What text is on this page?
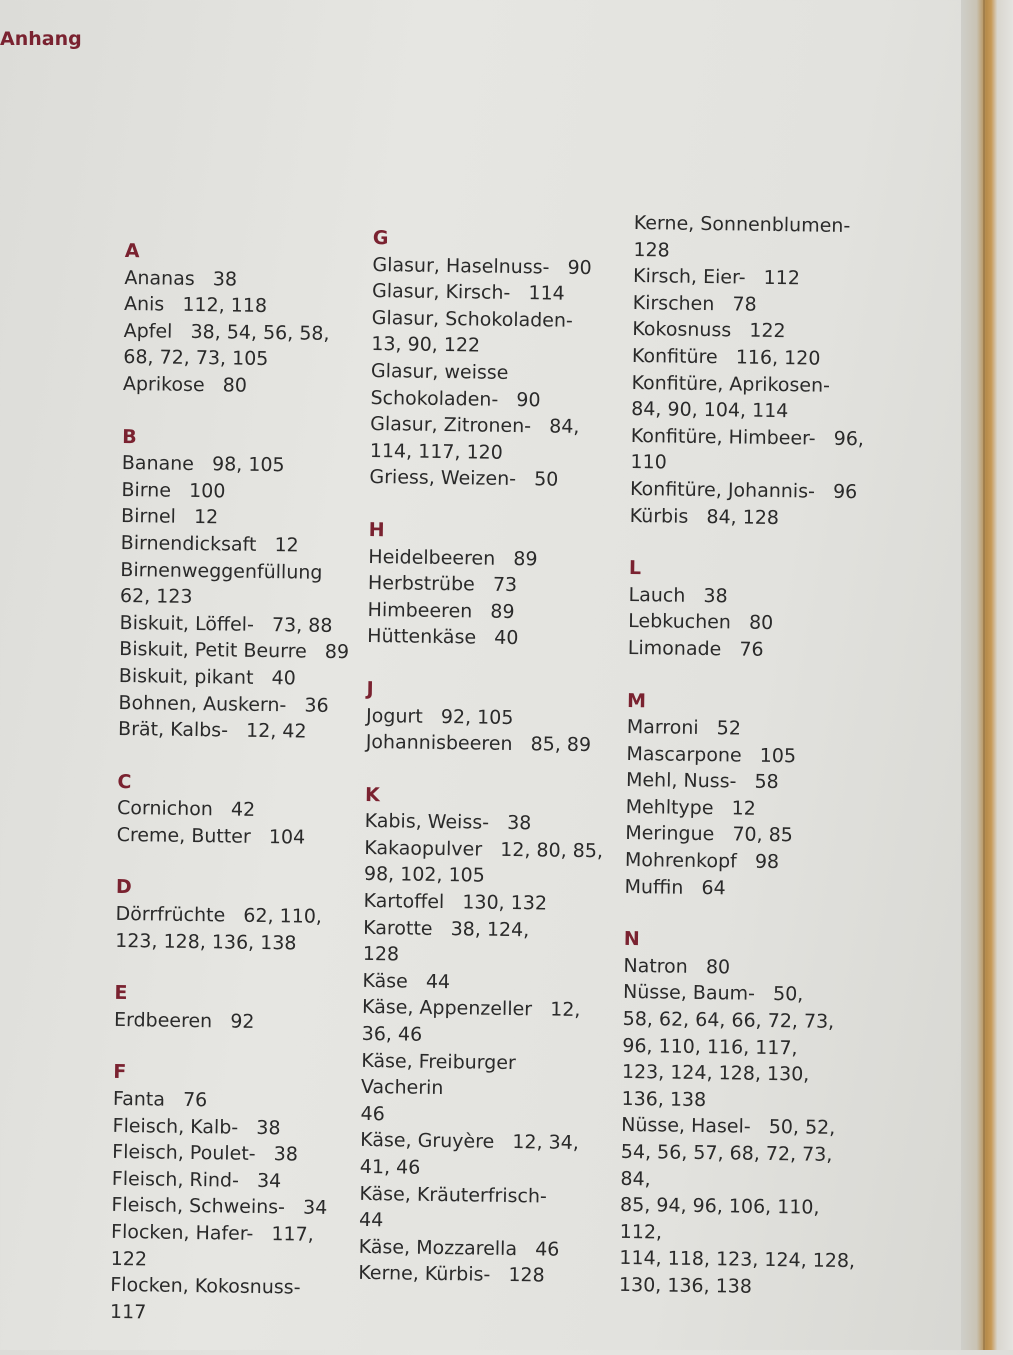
Anhang
A
Ananas   38
Anis   112, 118
Apfel   38, 54, 56, 58,
68, 72, 73, 105
Aprikose   80
B
Banane   98, 105
Birne   100
Birnel   12
Birnendicksaft   12
Birnenweggenfüllung
62, 123
Biskuit, Löffel-   73, 88
Biskuit, Petit Beurre   89
Biskuit, pikant   40
Bohnen, Auskern-   36
Brät, Kalbs-   12, 42
C
Cornichon   42
Creme, Butter   104
D
Dörrfrüchte   62, 110,
123, 128, 136, 138
E
Erdbeeren   92
F
Fanta   76
Fleisch, Kalb-   38
Fleisch, Poulet-   38
Fleisch, Rind-   34
Fleisch, Schweins-   34
Flocken, Hafer-   117, 122
Flocken, Kokosnuss-   117
G
Glasur, Haselnuss-   90
Glasur, Kirsch-   114
Glasur, Schokoladen-
13, 90, 122
Glasur, weisse
Schokoladen-   90
Glasur, Zitronen-   84,
114, 117, 120
Griess, Weizen-   50
H
Heidelbeeren   89
Herbstrübe   73
Himbeeren   89
Hüttenkäse   40
J
Jogurt   92, 105
Johannisbeeren   85, 89
K
Kabis, Weiss-   38
Kakaopulver   12, 80, 85,
98, 102, 105
Kartoffel   130, 132
Karotte   38, 124,
128
Käse   44
Käse, Appenzeller   12,
36, 46
Käse, Freiburger Vacherin
46
Käse, Gruyère   12, 34,
41, 46
Käse, Kräuterfrisch-
44
Käse, Mozzarella   46
Kerne, Kürbis-   128
Kerne, Sonnenblumen-
128
Kirsch, Eier-   112
Kirschen   78
Kokosnuss   122
Konfitüre   116, 120
Konfitüre, Aprikosen-
84, 90, 104, 114
Konfitüre, Himbeer-   96,
110
Konfitüre, Johannis-   96
Kürbis   84, 128
L
Lauch   38
Lebkuchen   80
Limonade   76
M
Marroni   52
Mascarpone   105
Mehl, Nuss-   58
Mehltype   12
Meringue   70, 85
Mohrenkopf   98
Muffin   64
N
Natron   80
Nüsse, Baum-   50,
58, 62, 64, 66, 72, 73,
96, 110, 116, 117,
123, 124, 128, 130,
136, 138
Nüsse, Hasel-   50, 52,
54, 56, 57, 68, 72, 73, 84,
85, 94, 96, 106, 110, 112,
114, 118, 123, 124, 128,
130, 136, 138
